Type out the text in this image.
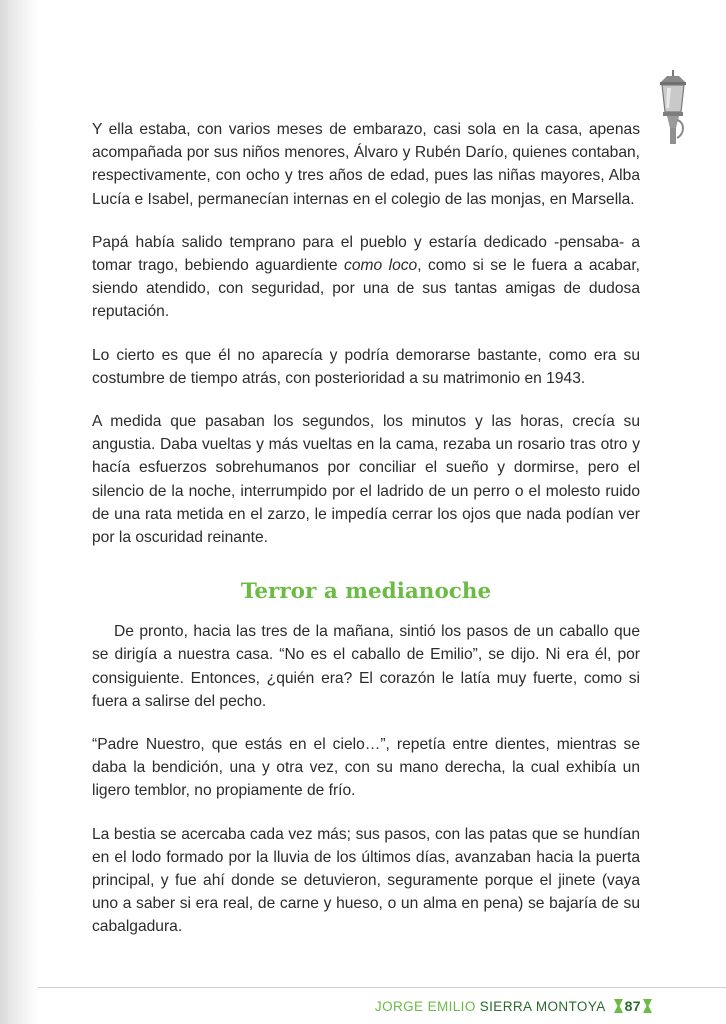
Y ella estaba, con varios meses de embarazo, casi sola en la casa, apenas acompañada por sus niños menores, Álvaro y Rubén Darío, quienes contaban, respectivamente, con ocho y tres años de edad, pues las niñas mayores, Alba Lucía e Isabel, permanecían internas en el colegio de las monjas, en Marsella.

Papá había salido temprano para el pueblo y estaría dedicado -pensaba- a tomar trago, bebiendo aguardiente como loco, como si se le fuera a acabar, siendo atendido, con seguridad, por una de sus tantas amigas de dudosa reputación.

Lo cierto es que él no aparecía y podría demorarse bastante, como era su costumbre de tiempo atrás, con posterioridad a su matrimonio en 1943.

A medida que pasaban los segundos, los minutos y las horas, crecía su angustia. Daba vueltas y más vueltas en la cama, rezaba un rosario tras otro y hacía esfuerzos sobrehumanos por conciliar el sueño y dormirse, pero el silencio de la noche, interrumpido por el ladrido de un perro o el molesto ruido de una rata metida en el zarzo, le impedía cerrar los ojos que nada podían ver por la oscuridad reinante.

Terror a medianoche

De pronto, hacia las tres de la mañana, sintió los pasos de un caballo que se dirigía a nuestra casa. “No es el caballo de Emilio”, se dijo. Ni era él, por consiguiente. Entonces, ¿quién era? El corazón le latía muy fuerte, como si fuera a salirse del pecho.

“Padre Nuestro, que estás en el cielo…”, repetía entre dientes, mientras se daba la bendición, una y otra vez, con su mano derecha, la cual exhibía un ligero temblor, no propiamente de frío.

La bestia se acercaba cada vez más; sus pasos, con las patas que se hundían en el lodo formado por la lluvia de los últimos días, avanzaban hacia la puerta principal, y fue ahí donde se detuvieron, seguramente porque el jinete (vaya uno a saber si era real, de carne y hueso, o un alma en pena) se bajaría de su cabalgadura.

JORGE EMILIO SIERRA MONTOYA 87
